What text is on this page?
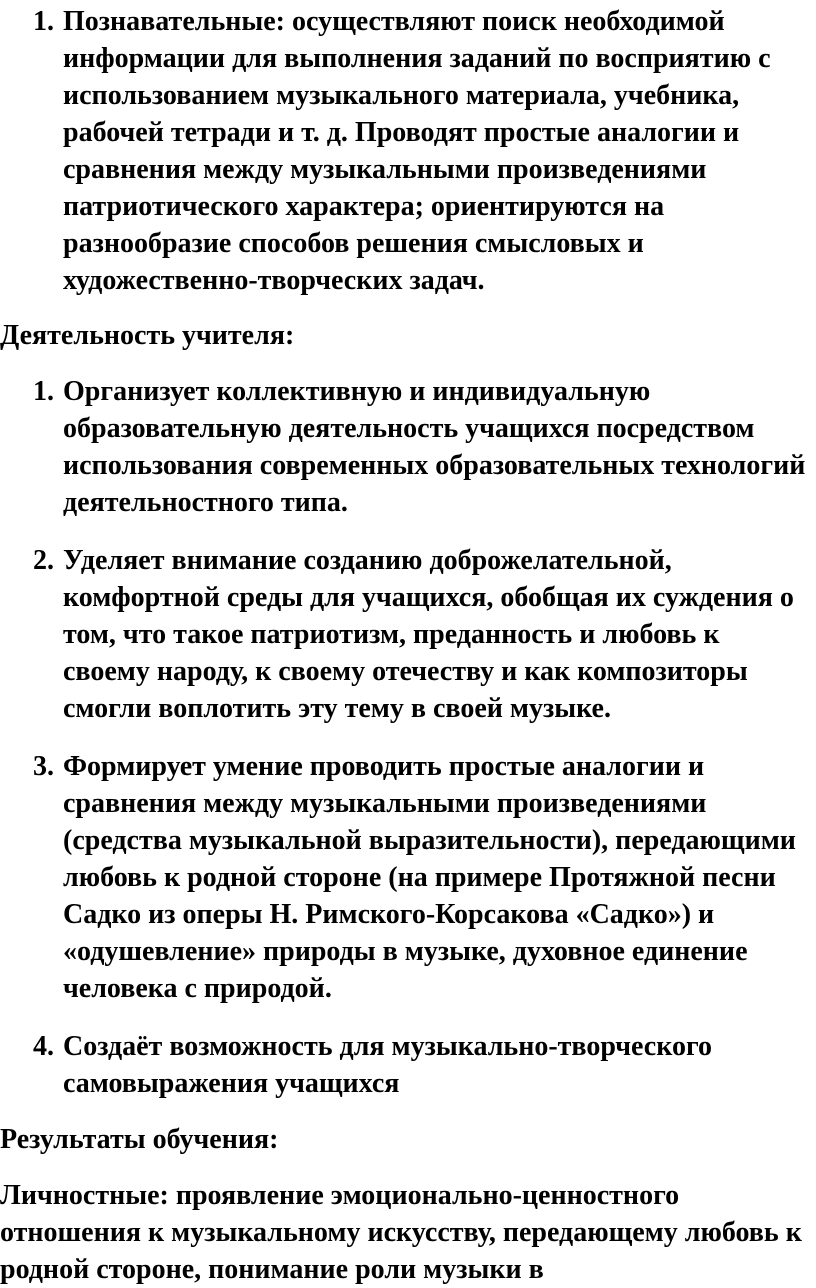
1. Познавательные: осуществляют поиск необходимой информации для выполнения заданий по восприятию с использованием музыкального материала, учебника, рабочей тетради и т. д. Проводят простые аналогии и сравнения между музыкальными произведениями патриотического характера; ориентируются на разнообразие способов решения смысловых и художественно-творческих задач.

Деятельность учителя:

1. Организует коллективную и индивидуальную образовательную деятельность учащихся посредством использования современных образовательных технологий деятельностного типа.
2. Уделяет внимание созданию доброжелательной, комфортной среды для учащихся, обобщая их суждения о том, что такое патриотизм, преданность и любовь к своему народу, к своему отечеству и как композиторы смогли воплотить эту тему в своей музыке.
3. Формирует умение проводить простые аналогии и сравнения между музыкальными произведениями (средства музыкальной выразительности), передающими любовь к родной стороне (на примере Протяжной песни Садко из оперы Н. Римского-Корсакова «Садко») и «одушевление» природы в музыке, духовное единение человека с природой.
4. Создаёт возможность для музыкально-творческого самовыражения учащихся

Результаты обучения:

Личностные: проявление эмоционально-ценностного отношения к музыкальному искусству, передающему любовь к родной стороне, понимание роли музыки в
